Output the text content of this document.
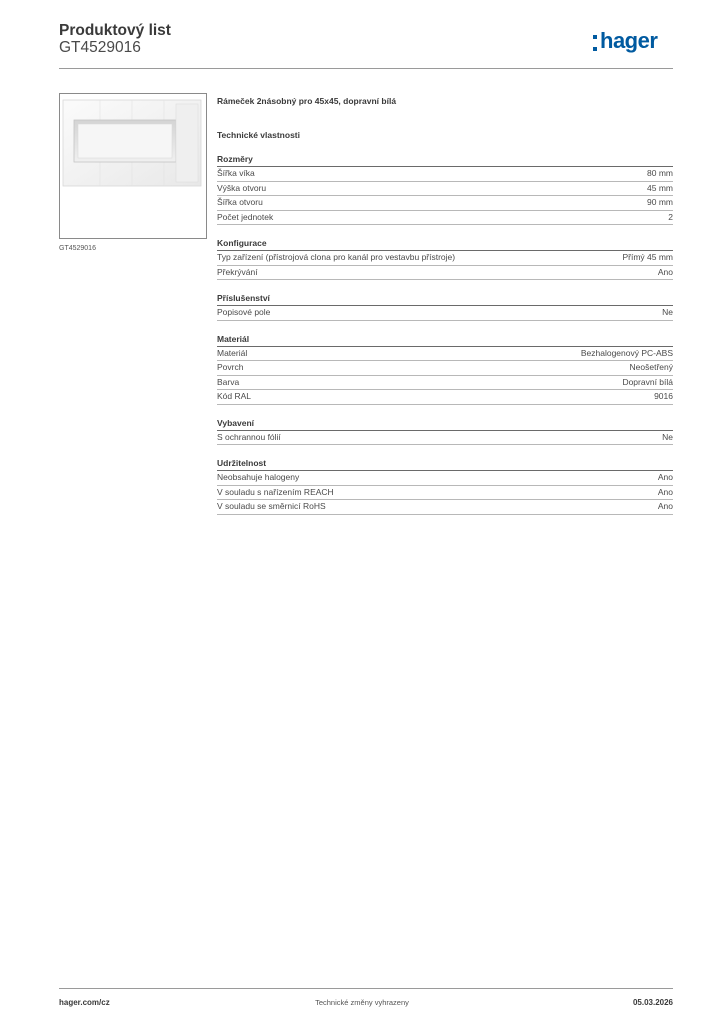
Produktový list
GT4529016	hager
GT4529016
Rámeček 2násobný pro 45x45, dopravní bílá
Technické vlastnosti
Rozměry
Šířka víka	80 mm
Výška otvoru	45 mm
Šířka otvoru	90 mm
Počet jednotek	2
Konfigurace
Typ zařízení (přístrojová clona pro kanál pro vestavbu přístroje)	Přímý 45 mm
Překrývání	Ano
Příslušenství
Popisové pole	Ne
Materiál
Materiál	Bezhalogenový PC-ABS
Povrch	Neošetřený
Barva	Dopravní bílá
Kód RAL	9016
Vybavení
S ochrannou fólií	Ne
Udržitelnost
Neobsahuje halogeny	Ano
V souladu s nařízením REACH	Ano
V souladu se směrnicí RoHS	Ano
hager.com/cz	Technické změny vyhrazeny	05.03.2026
